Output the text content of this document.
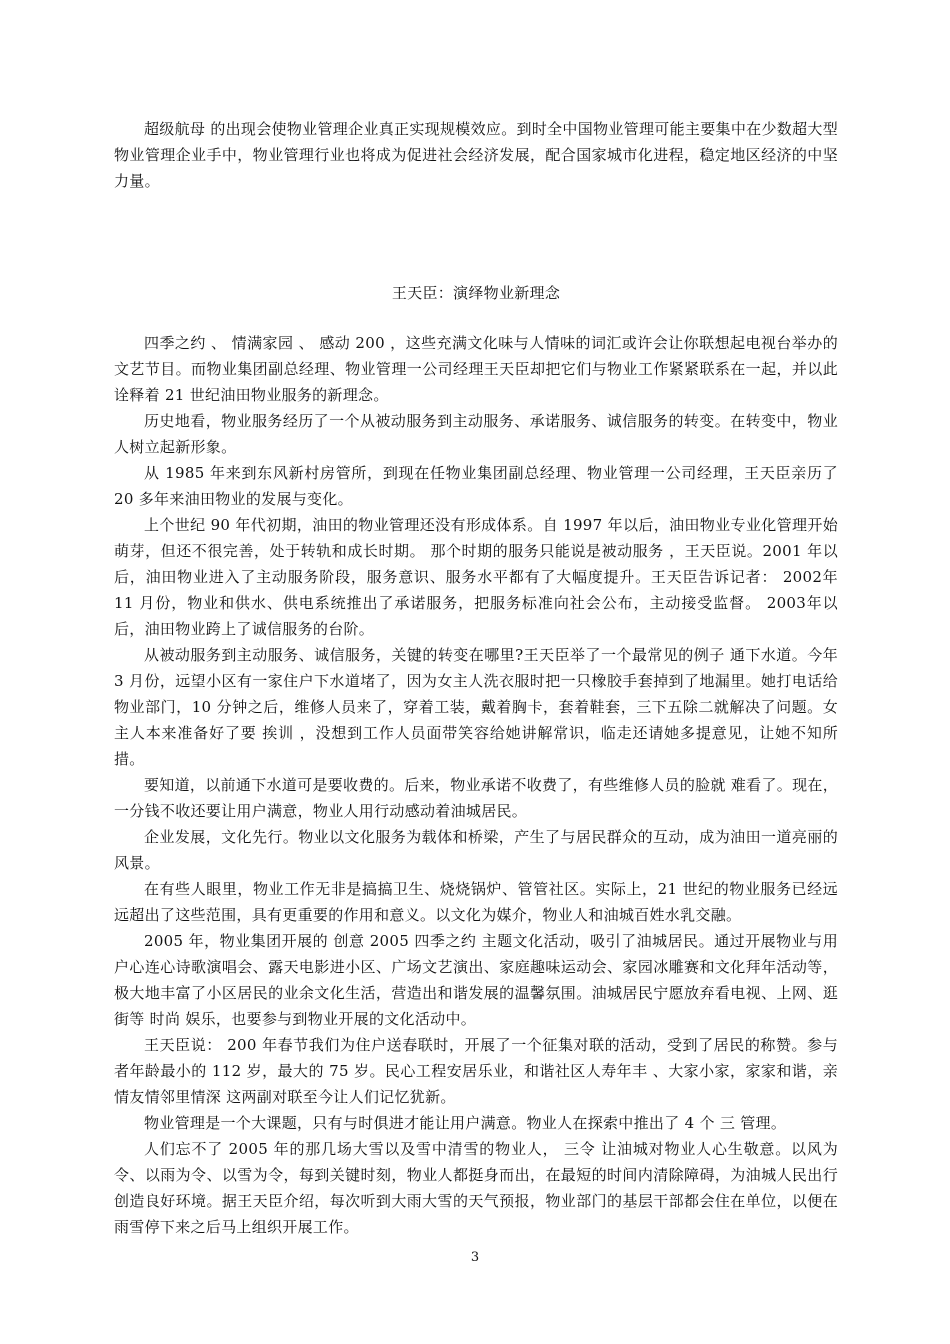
超级航母 的出现会使物业管理企业真正实现规模效应。到时全中国物业管理可能主要集中在少数超大型物业管理企业手中，物业管理行业也将成为促进社会经济发展，配合国家城市化进程，稳定地区经济的中坚力量。

王天臣：演绎物业新理念

四季之约 、 情满家园 、 感动 200 ，这些充满文化味与人情味的词汇或许会让你联想起电视台举办的文艺节目。而物业集团副总经理、物业管理一公司经理王天臣却把它们与物业工作紧紧联系在一起，并以此诠释着 21 世纪油田物业服务的新理念。

历史地看，物业服务经历了一个从被动服务到主动服务、承诺服务、诚信服务的转变。在转变中，物业人树立起新形象。

从 1985 年来到东风新村房管所，到现在任物业集团副总经理、物业管理一公司经理，王天臣亲历了 20 多年来油田物业的发展与变化。

上个世纪 90 年代初期，油田的物业管理还没有形成体系。自 1997 年以后，油田物业专业化管理开始萌芽，但还不很完善，处于转轨和成长时期。 那个时期的服务只能说是被动服务 ，王天臣说。2001 年以后，油田物业进入了主动服务阶段，服务意识、服务水平都有了大幅度提升。王天臣告诉记者： 2002年 11 月份，物业和供水、供电系统推出了承诺服务，把服务标准向社会公布，主动接受监督。 2003年以后，油田物业跨上了诚信服务的台阶。

从被动服务到主动服务、诚信服务，关键的转变在哪里?王天臣举了一个最常见的例子 通下水道。今年 3 月份，远望小区有一家住户下水道堵了，因为女主人洗衣服时把一只橡胶手套掉到了地漏里。她打电话给物业部门，10 分钟之后，维修人员来了，穿着工装，戴着胸卡，套着鞋套，三下五除二就解决了问题。女主人本来准备好了要 挨训 ，没想到工作人员面带笑容给她讲解常识，临走还请她多提意见，让她不知所措。

要知道，以前通下水道可是要收费的。后来，物业承诺不收费了，有些维修人员的脸就 难看了。现在，一分钱不收还要让用户满意，物业人用行动感动着油城居民。

企业发展，文化先行。物业以文化服务为载体和桥梁，产生了与居民群众的互动，成为油田一道亮丽的风景。

在有些人眼里，物业工作无非是搞搞卫生、烧烧锅炉、管管社区。实际上，21 世纪的物业服务已经远远超出了这些范围，具有更重要的作用和意义。以文化为媒介，物业人和油城百姓水乳交融。

2005 年，物业集团开展的 创意 2005 四季之约 主题文化活动，吸引了油城居民。通过开展物业与用户心连心诗歌演唱会、露天电影进小区、广场文艺演出、家庭趣味运动会、家园冰雕赛和文化拜年活动等，极大地丰富了小区居民的业余文化生活，营造出和谐发展的温馨氛围。油城居民宁愿放弃看电视、上网、逛街等 时尚 娱乐，也要参与到物业开展的文化活动中。

王天臣说： 200 年春节我们为住户送春联时，开展了一个征集对联的活动，受到了居民的称赞。参与者年龄最小的 112 岁，最大的 75 岁。民心工程安居乐业，和谐社区人寿年丰 、大家小家，家家和谐，亲情友情邻里情深 这两副对联至今让人们记忆犹新。

物业管理是一个大课题，只有与时俱进才能让用户满意。物业人在探索中推出了 4 个 三 管理。

人们忘不了 2005 年的那几场大雪以及雪中清雪的物业人， 三令 让油城对物业人心生敬意。以风为令、以雨为令、以雪为令，每到关键时刻，物业人都挺身而出，在最短的时间内清除障碍，为油城人民出行创造良好环境。据王天臣介绍，每次听到大雨大雪的天气预报，物业部门的基层干部都会住在单位，以便在雨雪停下来之后马上组织开展工作。

3
